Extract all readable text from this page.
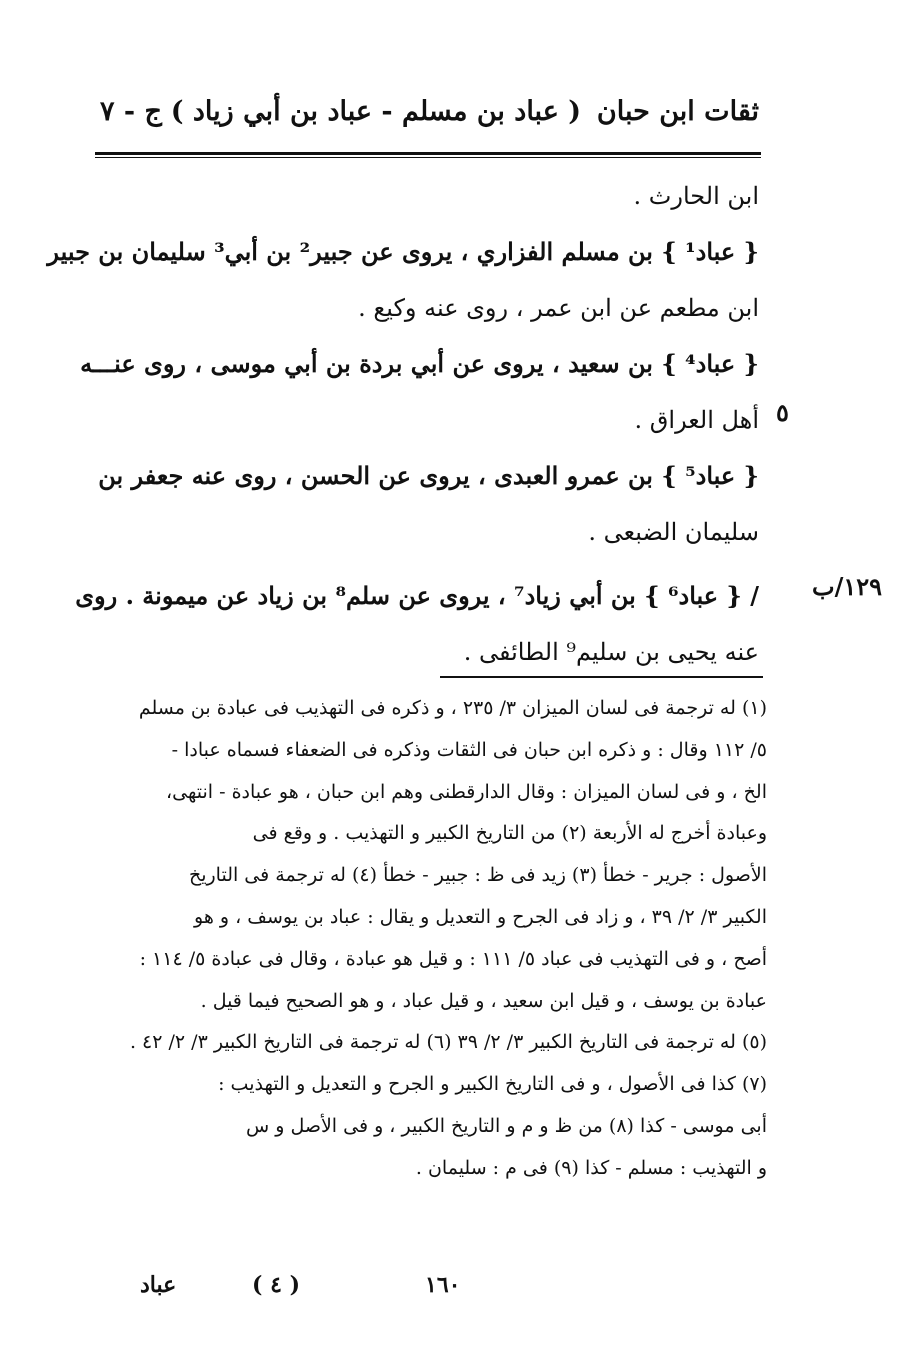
ثقات ابن حبان
( عباد بن مسلم - عباد بن أبي زياد )
ج - ٧
٥
١٢٩/ب
ابن الحارث .
{ عباد¹ } بن مسلم الفزاري ، يروى عن جبير² بن أبي³ سليمان بن جبير
ابن مطعم عن ابن عمر ، روى عنه وكيع .
{ عباد⁴ } بن سعيد ، يروى عن أبي بردة بن أبي موسى ، روى عنـــه
أهل العراق .
{ عباد⁵ } بن عمرو العبدى ، يروى عن الحسن ، روى عنه جعفر بن
سليمان الضبعى .
/ { عباد⁶ } بن أبي زياد⁷ ، يروى عن سلم⁸ بن زياد عن ميمونة . روى
عنه يحيى بن سليم⁹ الطائفى .
(١) له ترجمة فى لسان الميزان ٣/ ٢٣٥ ، و ذكره فى التهذيب فى عبادة بن مسلم
٥/ ١١٢ وقال : و ذكره ابن حبان فى الثقات وذكره فى الضعفاء فسماه عبادا -
الخ ، و فى لسان الميزان : وقال الدارقطنى وهم ابن حبان ، هو عبادة - انتهى،
وعبادة أخرج له الأربعة (٢) من التاريخ الكبير و التهذيب . و وقع فى
الأصول : جرير - خطأ (٣) زيد فى ظ : جبير - خطأ (٤) له ترجمة فى التاريخ
الكبير ٣/ ٢/ ٣٩ ، و زاد فى الجرح و التعديل و يقال : عباد بن يوسف ، و هو
أصح ، و فى التهذيب فى عباد ٥/ ١١١ : و قيل هو عبادة ، وقال فى عبادة ٥/ ١١٤ :
عبادة بن يوسف ، و قيل ابن سعيد ، و قيل عباد ، و هو الصحيح فيما قيل .
(٥) له ترجمة فى التاريخ الكبير ٣/ ٢/ ٣٩ (٦) له ترجمة فى التاريخ الكبير ٣/ ٢/ ٤٢ .
(٧) كذا فى الأصول ، و فى التاريخ الكبير و الجرح و التعديل و التهذيب :
أبى موسى - كذا (٨) من ظ و م و التاريخ الكبير ، و فى الأصل و س
و التهذيب : مسلم - كذا (٩) فى م : سليمان .
١٦٠
( ٤ )
عباد
